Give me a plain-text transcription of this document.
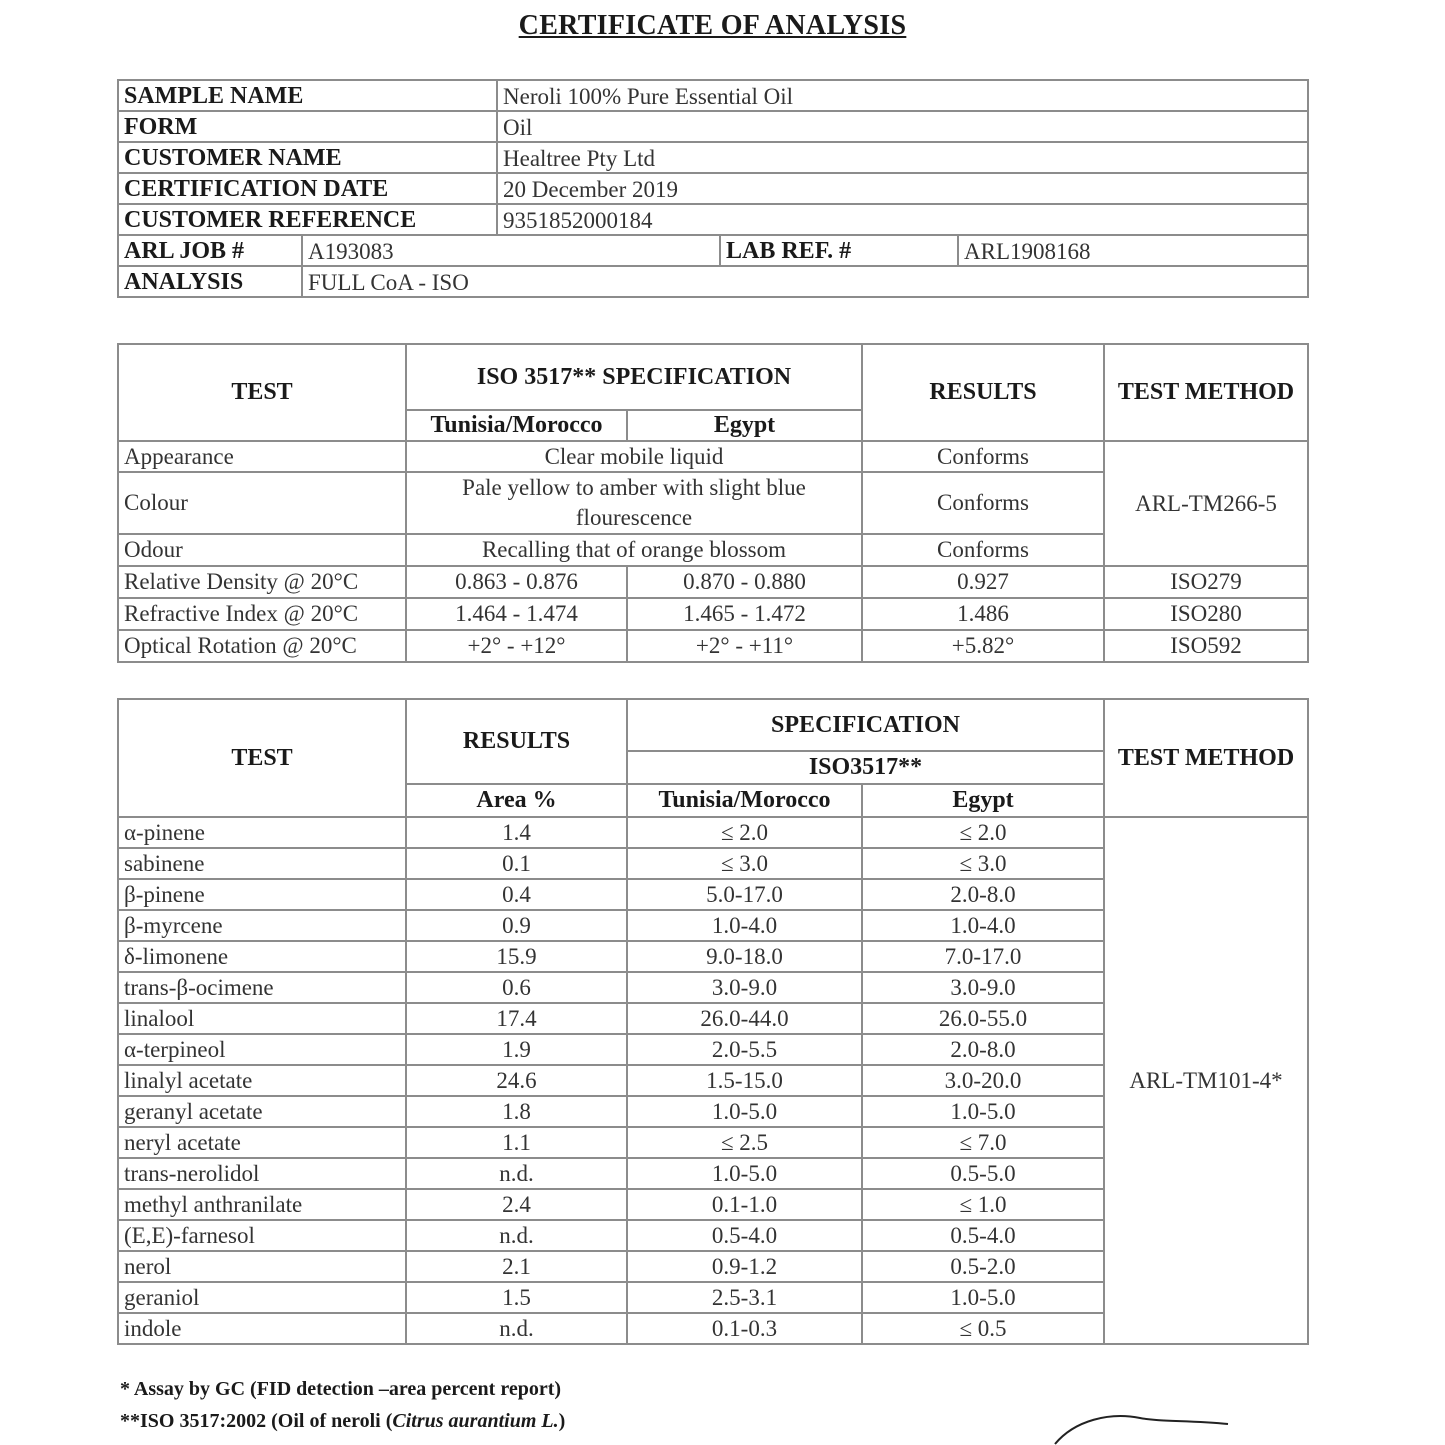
CERTIFICATE OF ANALYSIS
SAMPLE NAME		Neroli 100% Pure Essential Oil		
FORM		Oil		
CUSTOMER NAME		Healtree Pty Ltd		
CERTIFICATION DATE		20 December 2019		
CUSTOMER REFERENCE		9351852000184		
ARL JOB #	A193083		LAB REF. #	ARL1908168
ANALYSIS	FULL CoA - ISO			
TEST	ISO 3517** SPECIFICATION		RESULTS	TEST METHOD
	Tunisia/Morocco	Egypt		
Appearance	Clear mobile liquid		Conforms	ARL-TM266-5
Colour	Pale yellow to amber with slight blue flourescence		Conforms	
Odour	Recalling that of orange blossom		Conforms	
Relative Density @ 20°C	0.863 - 0.876	0.870 - 0.880	0.927	ISO279
Refractive Index @ 20°C	1.464 - 1.474	1.465 - 1.472	1.486	ISO280
Optical Rotation @ 20°C	+2° - +12°	+2° - +11°	+5.82°	ISO592
TEST	RESULTS	SPECIFICATION		TEST METHOD
		ISO3517**		
	Area %	Tunisia/Morocco	Egypt	
α-pinene	1.4	≤ 2.0	≤ 2.0	ARL-TM101-4*
sabinene	0.1	≤ 3.0	≤ 3.0	
β-pinene	0.4	5.0-17.0	2.0-8.0	
β-myrcene	0.9	1.0-4.0	1.0-4.0	
δ-limonene	15.9	9.0-18.0	7.0-17.0	
trans-β-ocimene	0.6	3.0-9.0	3.0-9.0	
linalool	17.4	26.0-44.0	26.0-55.0	
α-terpineol	1.9	2.0-5.5	2.0-8.0	
linalyl acetate	24.6	1.5-15.0	3.0-20.0	
geranyl acetate	1.8	1.0-5.0	1.0-5.0	
neryl acetate	1.1	≤ 2.5	≤ 7.0	
trans-nerolidol	n.d.	1.0-5.0	0.5-5.0	
methyl anthranilate	2.4	0.1-1.0	≤ 1.0	
(E,E)-farnesol	n.d.	0.5-4.0	0.5-4.0	
nerol	2.1	0.9-1.2	0.5-2.0	
geraniol	1.5	2.5-3.1	1.0-5.0	
indole	n.d.	0.1-0.3	≤ 0.5	
* Assay by GC (FID detection –area percent report)
**ISO 3517:2002 (Oil of neroli (Citrus aurantium L.)
